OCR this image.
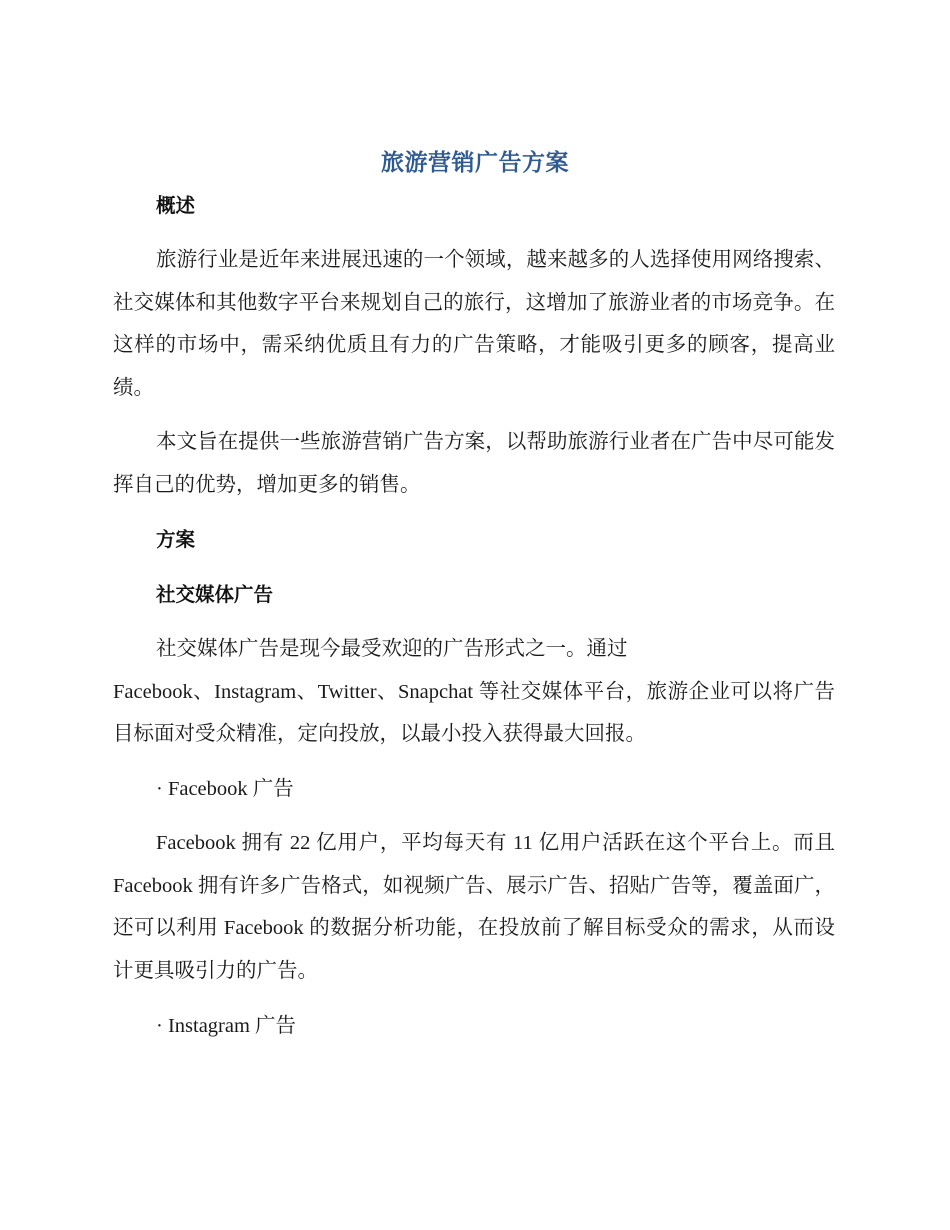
旅游营销广告方案
概述

旅游行业是近年来进展迅速的一个领域，越来越多的人选择使用网络搜索、社交媒体和其他数字平台来规划自己的旅行，这增加了旅游业者的市场竞争。在这样的市场中，需采纳优质且有力的广告策略，才能吸引更多的顾客，提高业绩。

本文旨在提供一些旅游营销广告方案，以帮助旅游行业者在广告中尽可能发挥自己的优势，增加更多的销售。

方案
社交媒体广告
社交媒体广告是现今最受欢迎的广告形式之一。通过
Facebook、Instagram、Twitter、Snapchat 等社交媒体平台，旅游企业可以将广告目标面对受众精准，定向投放，以最小投入获得最大回报。
· Facebook 广告

Facebook 拥有 22 亿用户，平均每天有 11 亿用户活跃在这个平台上。而且 Facebook 拥有许多广告格式，如视频广告、展示广告、招贴广告等，覆盖面广，还可以利用 Facebook 的数据分析功能，在投放前了解目标受众的需求，从而设计更具吸引力的广告。

· Instagram 广告
